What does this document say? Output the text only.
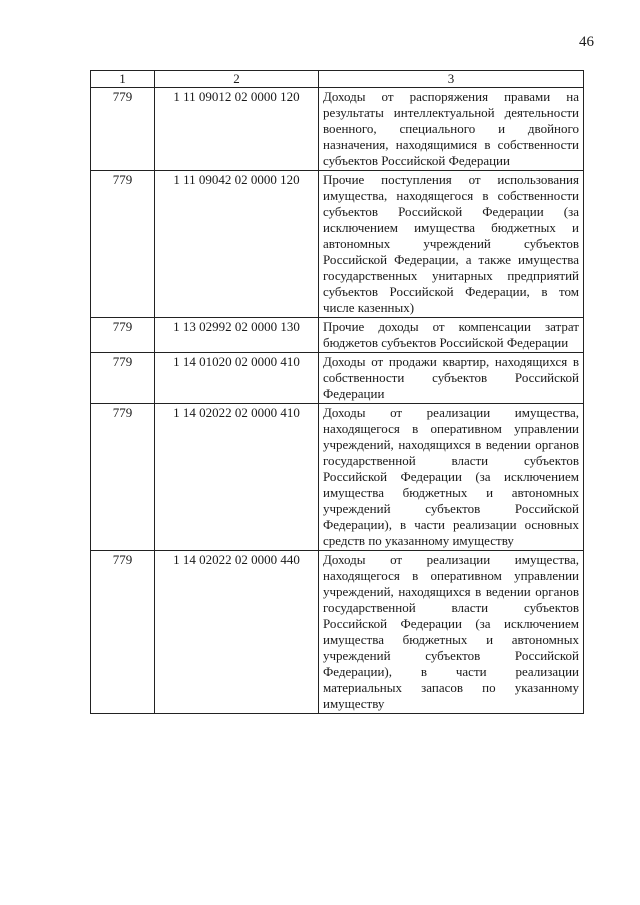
46
1	2	3
779	1 11 09012 02 0000 120	Доходы от распоряжения правами на результаты интеллектуальной деятельности военного, специального и двойного назначения, находящимися в собственности субъектов Российской Федерации
779	1 11 09042 02 0000 120	Прочие поступления от использования имущества, находящегося в собственности субъектов Российской Федерации (за исключением имущества бюджетных и автономных учреждений субъектов Российской Федерации, а также имущества государственных унитарных предприятий субъектов Российской Федерации, в том числе казенных)
779	1 13 02992 02 0000 130	Прочие доходы от компенсации затрат бюджетов субъектов Российской Федерации
779	1 14 01020 02 0000 410	Доходы от продажи квартир, находящихся в собственности субъектов Российской Федерации
779	1 14 02022 02 0000 410	Доходы от реализации имущества, находящегося в оперативном управлении учреждений, находящихся в ведении органов государственной власти субъектов Российской Федерации (за исключением имущества бюджетных и автономных учреждений субъектов Российской Федерации), в части реализации основных средств по указанному имуществу
779	1 14 02022 02 0000 440	Доходы от реализации имущества, находящегося в оперативном управлении учреждений, находящихся в ведении органов государственной власти субъектов Российской Федерации (за исключением имущества бюджетных и автономных учреждений субъектов Российской Федерации), в части реализации материальных запасов по указанному имуществу
